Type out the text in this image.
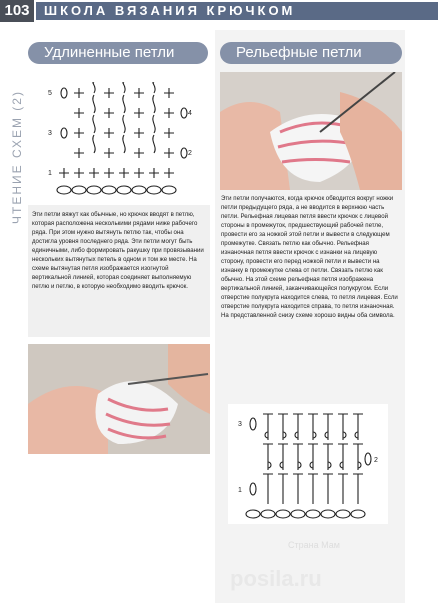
103	ШКОЛА ВЯЗАНИЯ КРЮЧКОМ
ЧТЕНИЕ СХЕМ (2)
Удлиненные петли
5
3
1
4
2

Эти петли вяжут как обычные, но крючок вводят в петлю, которая расположена несколькими рядами ниже рабочего ряда. При этом нужно вытянуть петлю так, чтобы она достигла уровня последнего ряда. Эти петли могут быть единичными, либо формировать ракушку при провязывании нескольких вытянутых петель в одном и том же месте. На схеме вытянутая петля изображается изогнутой вертикальной линией, которая соединяет выполняемую петлю и петлю, в которую необходимо вводить крючок.

Рельефные петли

Эти петли получаются, когда крючок обводится вокруг ножки петли предыдущего ряда, а не вводится в верхнюю часть петли. Рельефная лицевая петля ввести крючок с лицевой стороны в промежуток, предшествующий рабочей петле, провести его за ножкой этой петли и вывести в следующем промежутке. Связать петлю как обычно. Рельефная изнаночная петля ввести крючок с изнанки на лицевую сторону, провести его перед ножкой петли и вывести на изнанку в промежутке слева от петли. Связать петлю как обычно. На этой схеме рельефная петля изображена вертикальной линией, заканчивающейся полукругом. Если отверстие полукруга находится слева, то петля лицевая. Если отверстие полукруга находится справа, то петля изнаночная. На представленной снизу схеме хорошо видны оба символа.

3
1
2
Страна Мам
posila.ru
